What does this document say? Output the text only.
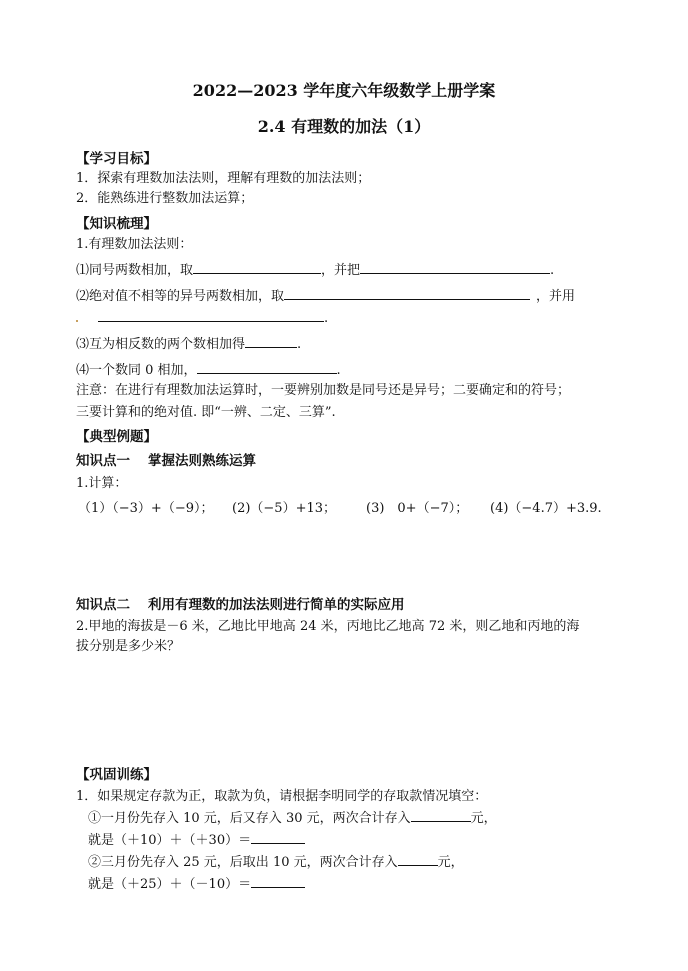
2022—2023 学年度六年级数学上册学案
2.4 有理数的加法（1）
【学习目标】
1．探索有理数加法法则，理解有理数的加法法则；
2．能熟练进行整数加法运算；
【知识梳理】
1.有理数加法法则：
⑴同号两数相加，取	，并把	.
⑵绝对值不相等的异号两数相加，取	，并用
.
⑶互为相反数的两个数相加得	.
⑷一个数同 0 相加，	.
注意：在进行有理数加法运算时，一要辨别加数是同号还是异号；二要确定和的符号；
三要计算和的绝对值. 即“一辨、二定、三算”.
【典型例题】
知识点一 掌握法则熟练运算
1.计算：
（1）（−3）+（−9）； (2)（−5）+13； (3)　0+（−7）； (4)（−4.7）+3.9.
知识点二 利用有理数的加法法则进行简单的实际应用
2.甲地的海拔是－6 米，乙地比甲地高 24 米，丙地比乙地高 72 米，则乙地和丙地的海
拔分别是多少米？
【巩固训练】
1．如果规定存款为正，取款为负，请根据李明同学的存取款情况填空：
①一月份先存入 10 元，后又存入 30 元，两次合计存入	元，
就是（＋10）＋（＋30）＝
②三月份先存入 25 元，后取出 10 元，两次合计存入	元，
就是（＋25）＋（－10）＝
